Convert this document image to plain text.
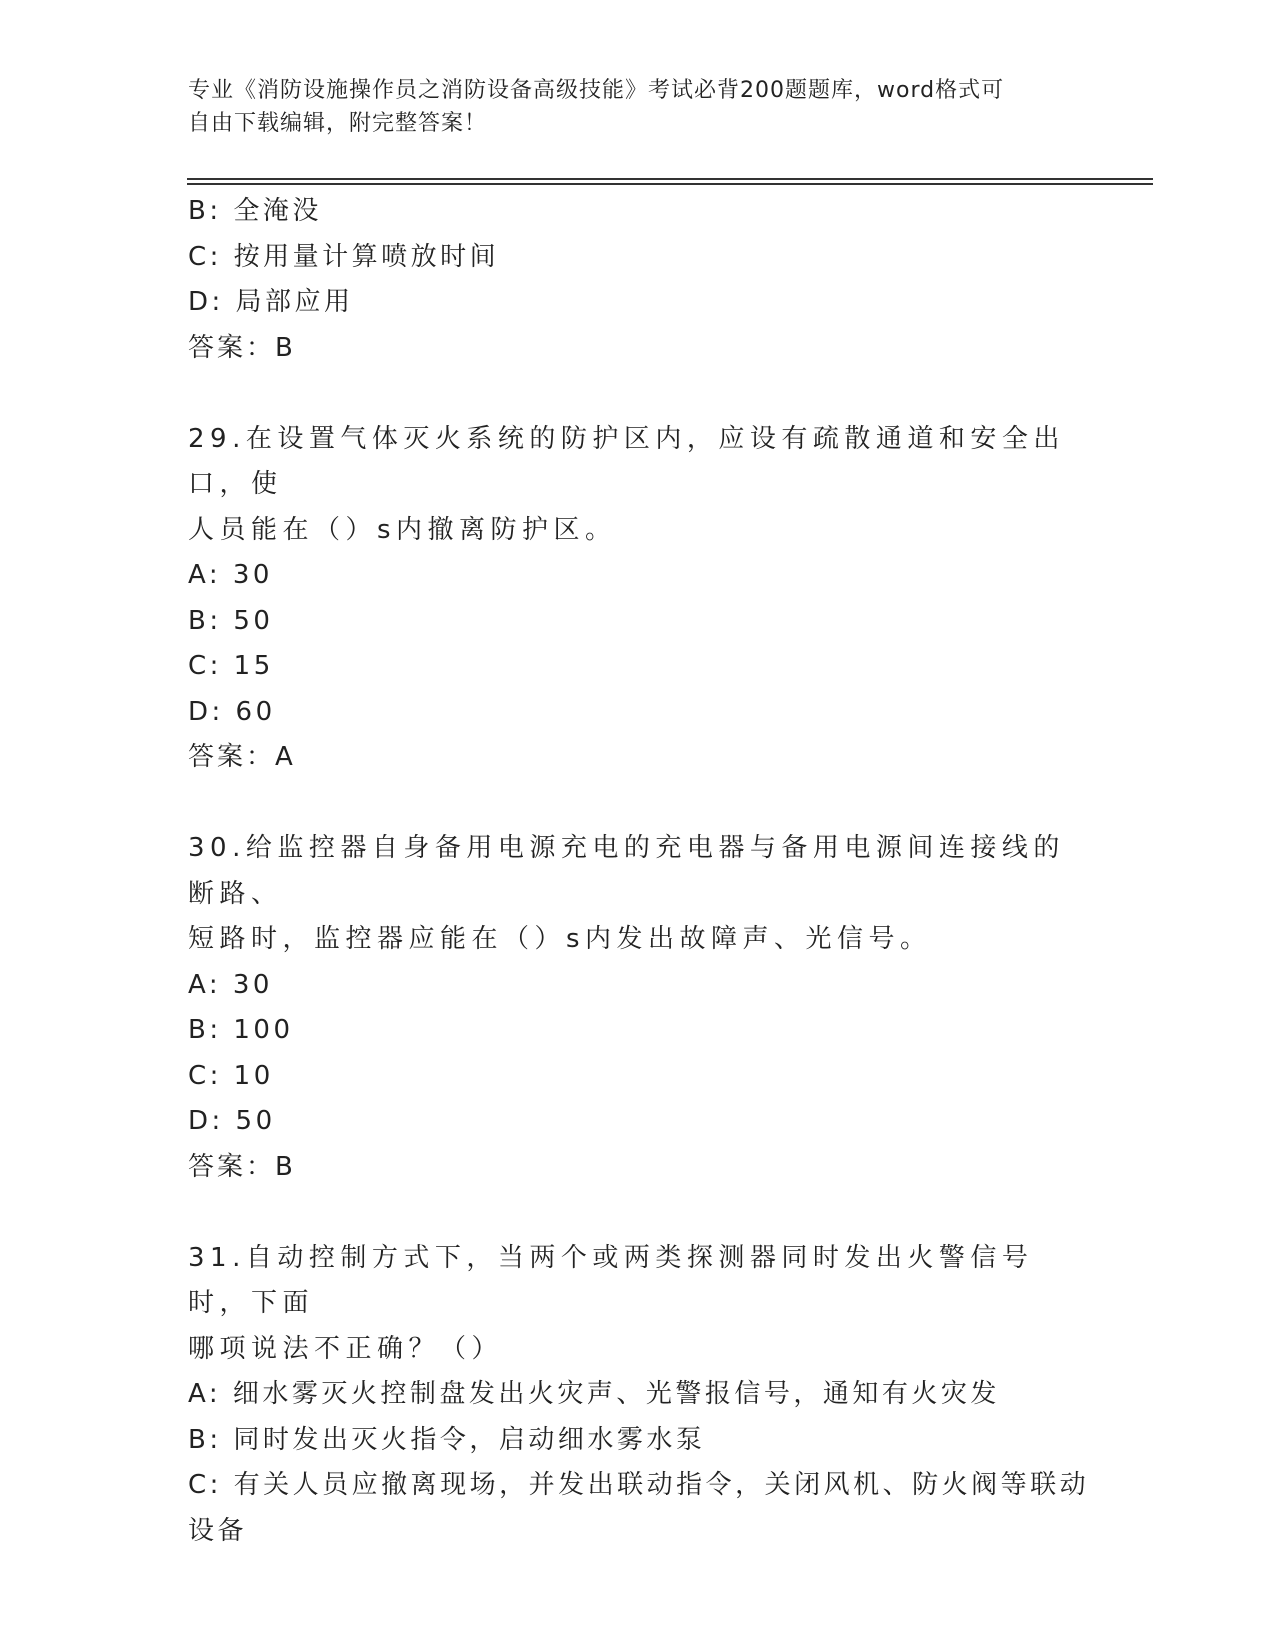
专业《消防设施操作员之消防设备高级技能》考试必背200题题库，word格式可
自由下载编辑，附完整答案！
B: 全淹没
C: 按用量计算喷放时间
D: 局部应用
答案：B
29.在设置气体灭火系统的防护区内，应设有疏散通道和安全出口，使
人员能在（）s内撤离防护区。
A: 30
B: 50
C: 15
D: 60
答案：A
30.给监控器自身备用电源充电的充电器与备用电源间连接线的断路、
短路时，监控器应能在（）s内发出故障声、光信号。
A: 30
B: 100
C: 10
D: 50
答案：B
31.自动控制方式下，当两个或两类探测器同时发出火警信号时，下面
哪项说法不正确？（）
A: 细水雾灭火控制盘发出火灾声、光警报信号，通知有火灾发
B: 同时发出灭火指令，启动细水雾水泵
C: 有关人员应撤离现场，并发出联动指令，关闭风机、防火阀等联动
设备
